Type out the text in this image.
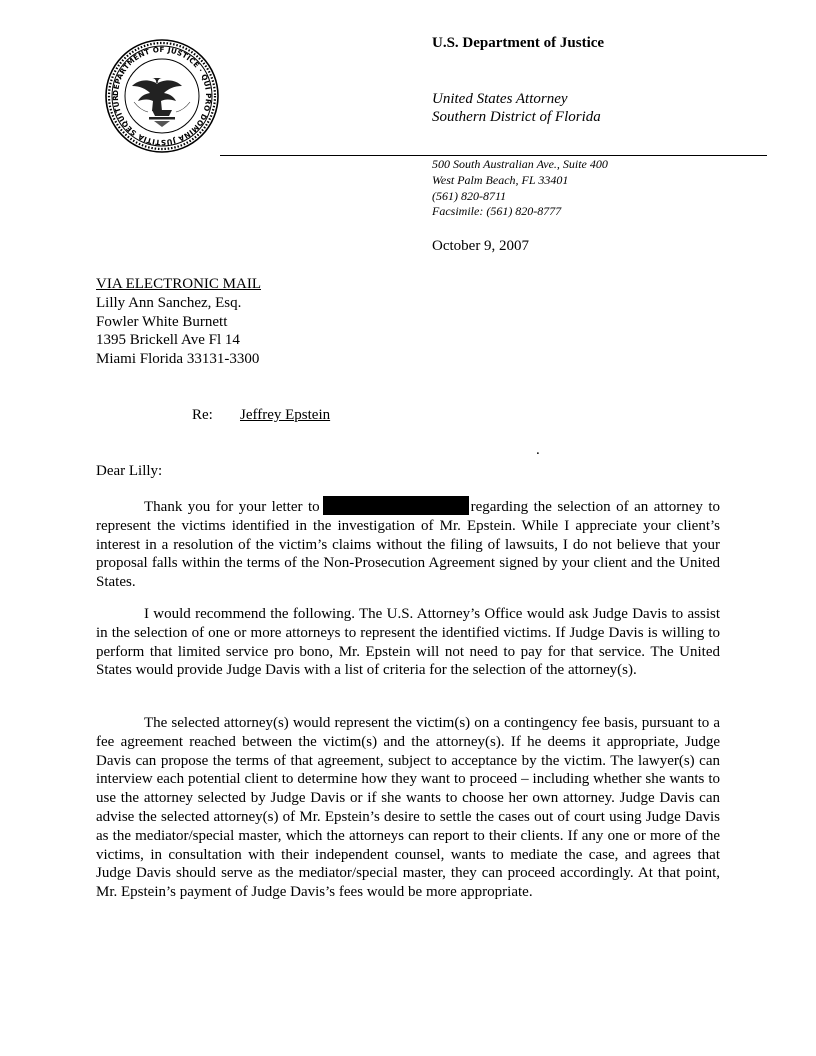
DEPARTMENT OF JUSTICE · QUI PRO DOMINA JUSTITIA SEQUITUR
U.S. Department of Justice
United States Attorney
Southern District of Florida
500 South Australian Ave., Suite 400
West Palm Beach, FL 33401
(561) 820-8711
Facsimile: (561) 820-8777
October 9, 2007
VIA ELECTRONIC MAIL
Lilly Ann Sanchez, Esq.
Fowler White Burnett
1395 Brickell Ave Fl 14
Miami Florida 33131-3300
Re: Jeffrey Epstein
.
Dear Lilly:

Thank you for your letter to	regarding the selection of an attorney to represent the victims identified in the investigation of Mr. Epstein. While I appreciate your client’s interest in a resolution of the victim’s claims without the filing of lawsuits, I do not believe that your proposal falls within the terms of the Non-Prosecution Agreement signed by your client and the United States.

I would recommend the following. The U.S. Attorney’s Office would ask Judge Davis to assist in the selection of one or more attorneys to represent the identified victims. If Judge Davis is willing to perform that limited service pro bono, Mr. Epstein will not need to pay for that service. The United States would provide Judge Davis with a list of criteria for the selection of the attorney(s).

The selected attorney(s) would represent the victim(s) on a contingency fee basis, pursuant to a fee agreement reached between the victim(s) and the attorney(s). If he deems it appropriate, Judge Davis can propose the terms of that agreement, subject to acceptance by the victim. The lawyer(s) can interview each potential client to determine how they want to proceed – including whether she wants to use the attorney selected by Judge Davis or if she wants to choose her own attorney. Judge Davis can advise the selected attorney(s) of Mr. Epstein’s desire to settle the cases out of court using Judge Davis as the mediator/special master, which the attorneys can report to their clients. If any one or more of the victims, in consultation with their independent counsel, wants to mediate the case, and agrees that Judge Davis should serve as the mediator/special master, they can proceed accordingly. At that point, Mr. Epstein’s payment of Judge Davis’s fees would be more appropriate.
